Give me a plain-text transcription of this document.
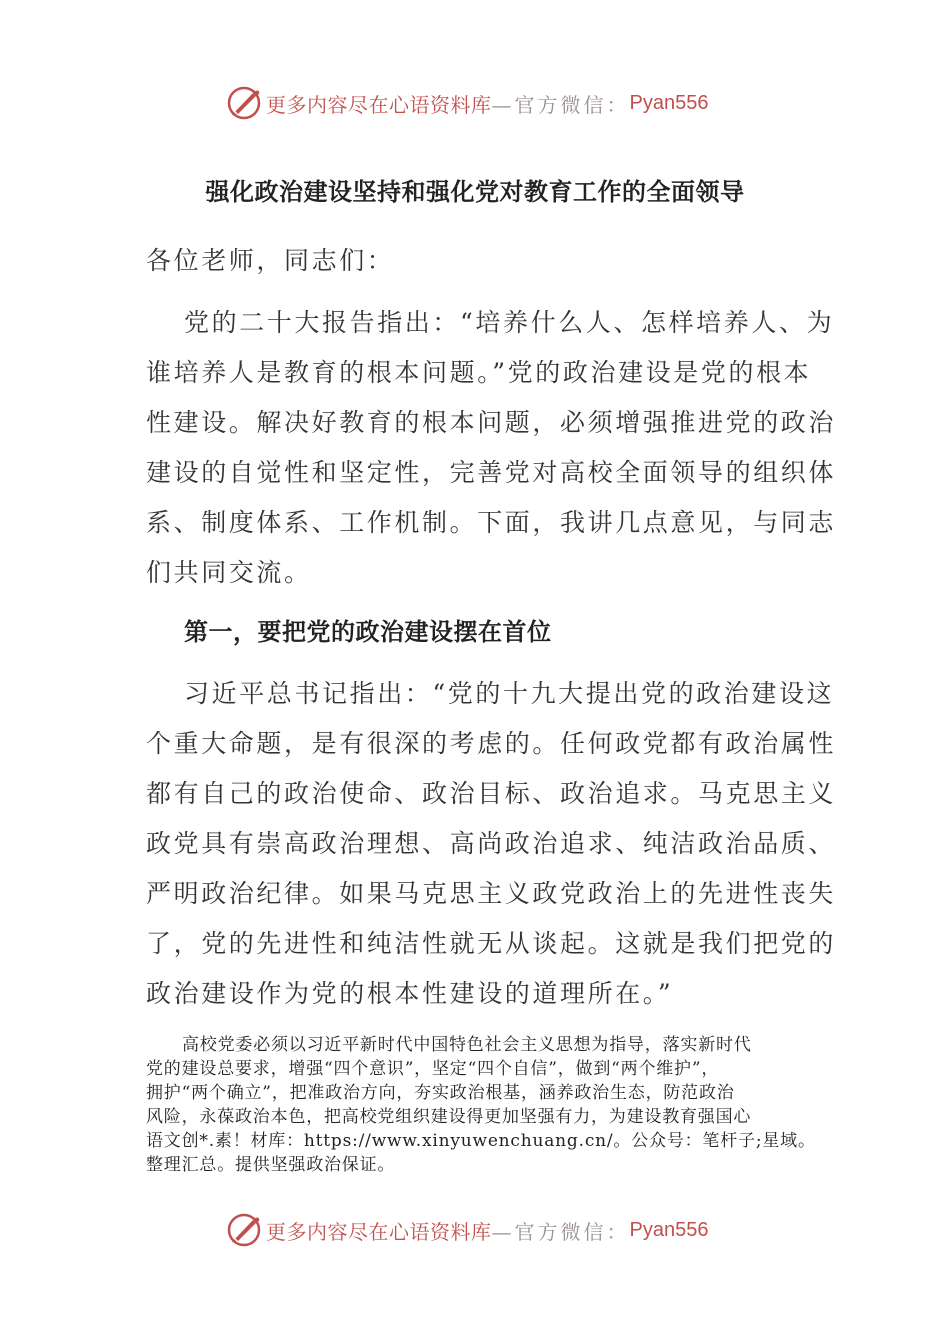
更多内容尽在心语资料库 —官方微信： Pyan556
强化政治建设坚持和强化党对教育工作的全面领导

各位老师，同志们：

党的二十大报告指出：“培养什么人、怎样培养人、为

谁培养人是教育的根本问题。”党的政治建设是党的根本

性建设。解决好教育的根本问题，必须增强推进党的政治

建设的自觉性和坚定性，完善党对高校全面领导的组织体

系、制度体系、工作机制。下面，我讲几点意见，与同志

们共同交流。

第一，要把党的政治建设摆在首位

习近平总书记指出：“党的十九大提出党的政治建设这

个重大命题，是有很深的考虑的。任何政党都有政治属性

都有自己的政治使命、政治目标、政治追求。马克思主义

政党具有崇高政治理想、高尚政治追求、纯洁政治品质、

严明政治纪律。如果马克思主义政党政治上的先进性丧失

了，党的先进性和纯洁性就无从谈起。这就是我们把党的

政治建设作为党的根本性建设的道理所在。”

高校党委必须以习近平新时代中国特色社会主义思想为指导，落实新时代

党的建设总要求，增强“四个意识”，坚定“四个自信”，做到“两个维护”，

拥护“两个确立”，把准政治方向，夯实政治根基，涵养政治生态，防范政治

风险，永葆政治本色，把高校党组织建设得更加坚强有力，为建设教育强国心

语文创*.素！材库：https://www.xinyuwenchuang.cn/。公众号：笔杆子;星域。

整理汇总。提供坚强政治保证。

更多内容尽在心语资料库 —官方微信： Pyan556
